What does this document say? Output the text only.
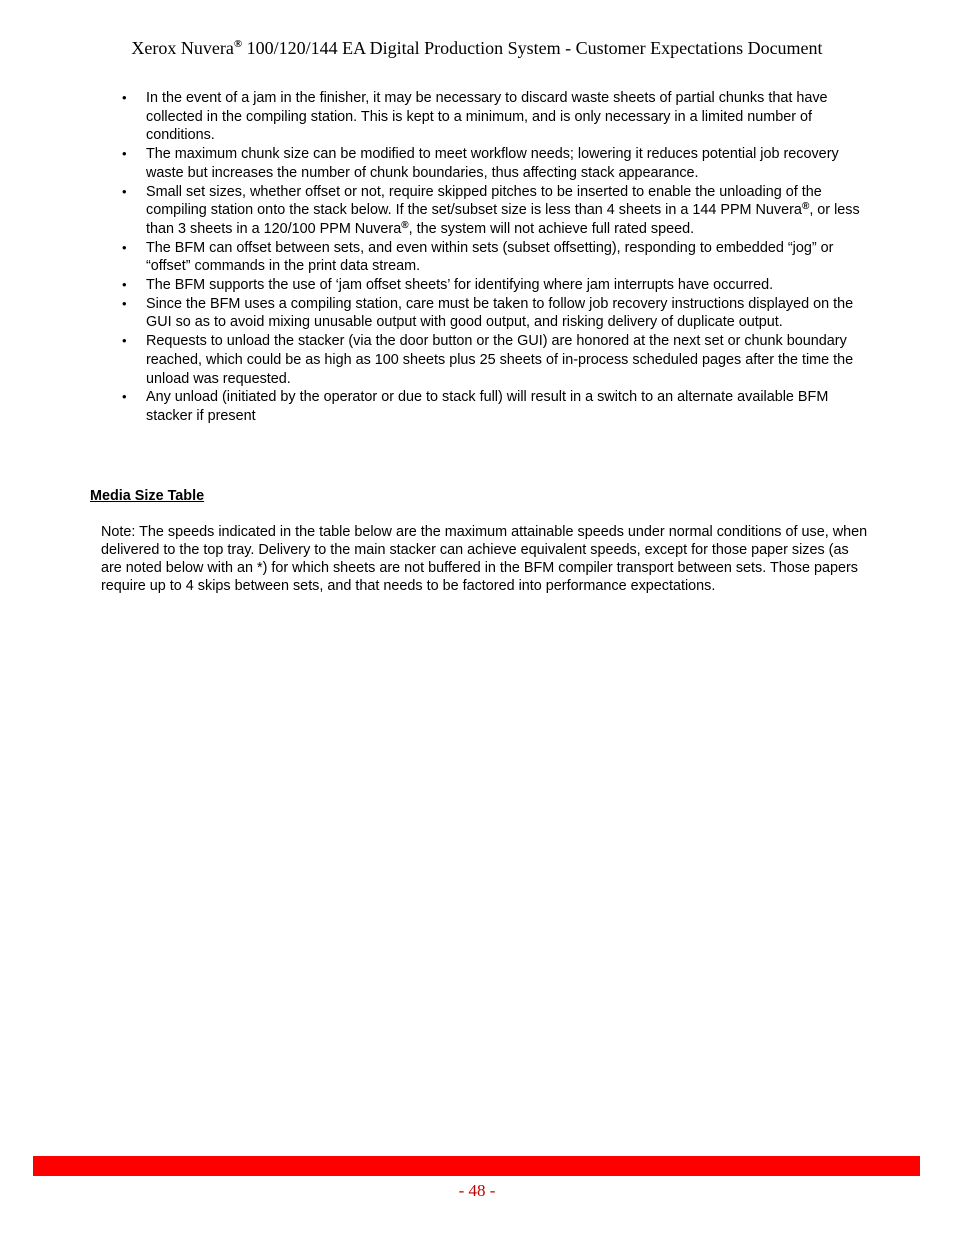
Xerox Nuvera® 100/120/144 EA Digital Production System - Customer Expectations Document
• In the event of a jam in the finisher, it may be necessary to discard waste sheets of partial chunks that have collected in the compiling station. This is kept to a minimum, and is only necessary in a limited number of conditions.
• The maximum chunk size can be modified to meet workflow needs; lowering it reduces potential job recovery waste but increases the number of chunk boundaries, thus affecting stack appearance.
• Small set sizes, whether offset or not, require skipped pitches to be inserted to enable the unloading of the compiling station onto the stack below. If the set/subset size is less than 4 sheets in a 144 PPM Nuvera®, or less than 3 sheets in a 120/100 PPM Nuvera®, the system will not achieve full rated speed.
• The BFM can offset between sets, and even within sets (subset offsetting), responding to embedded “jog” or “offset” commands in the print data stream.
• The BFM supports the use of ‘jam offset sheets’ for identifying where jam interrupts have occurred.
• Since the BFM uses a compiling station, care must be taken to follow job recovery instructions displayed on the GUI so as to avoid mixing unusable output with good output, and risking delivery of duplicate output.
• Requests to unload the stacker (via the door button or the GUI) are honored at the next set or chunk boundary reached, which could be as high as 100 sheets plus 25 sheets of in-process scheduled pages after the time the unload was requested.
• Any unload (initiated by the operator or due to stack full) will result in a switch to an alternate available BFM stacker if present
Media Size Table

Note: The speeds indicated in the table below are the maximum attainable speeds under normal conditions of use, when delivered to the top tray. Delivery to the main stacker can achieve equivalent speeds, except for those paper sizes (as are noted below with an *) for which sheets are not buffered in the BFM compiler transport between sets. Those papers require up to 4 skips between sets, and that needs to be factored into performance expectations.

- 48 -
